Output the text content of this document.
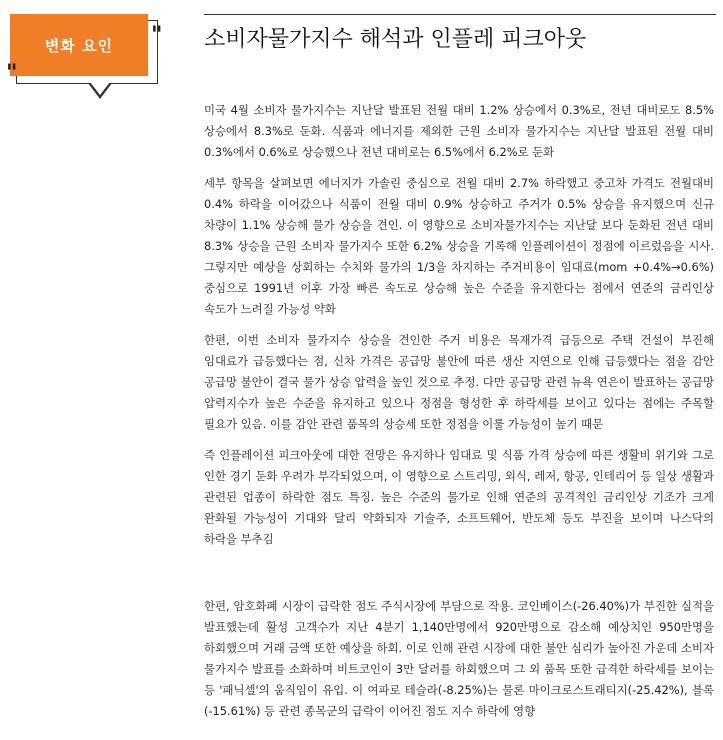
변화 요인	"
"
소비자물가지수 해석과 인플레 피크아웃

미국 4월 소비자 물가지수는 지난달 발표된 전월 대비 1.2% 상승에서 0.3%로, 전년 대비로도 8.5% 상승에서 8.3%로 둔화. 식품과 에너지를 제외한 근원 소비자 물가지수는 지난달 발표된 전월 대비 0.3%에서 0.6%로 상승했으나 전년 대비로는 6.5%에서 6.2%로 둔화

세부 항목을 살펴보면 에너지가 가솔린 중심으로 전월 대비 2.7% 하락했고 중고차 가격도 전월대비 0.4% 하락을 이어갔으나 식품이 전월 대비 0.9% 상승하고 주거가 0.5% 상승을 유지했으며 신규 차량이 1.1% 상승해 물가 상승을 견인. 이 영향으로 소비자물가지수는 지난달 보다 둔화된 전년 대비 8.3% 상승을 근원 소비자 물가지수 또한 6.2% 상승을 기록해 인플레이션이 정점에 이르렀음을 시사. 그렇지만 예상을 상회하는 수치와 물가의 1/3을 차지하는 주거비용이 임대료(mom +0.4%→0.6%) 중심으로 1991년 이후 가장 빠른 속도로 상승해 높은 수준을 유지한다는 점에서 연준의 금리인상 속도가 느려질 가능성 약화

한편, 이번 소비자 물가지수 상승을 견인한 주거 비용은 목재가격 급등으로 주택 건설이 부진해 임대료가 급등했다는 점, 신차 가격은 공급망 불안에 따른 생산 지연으로 인해 급등했다는 점을 감안 공급망 불안이 결국 물가 상승 압력을 높인 것으로 추정. 다만 공급망 관련 뉴욕 연은이 발표하는 공급망 압력지수가 높은 수준을 유지하고 있으나 정점을 형성한 후 하락세를 보이고 있다는 점에는 주목할 필요가 있음. 이를 감안 관련 품목의 상승세 또한 정점을 이룰 가능성이 높기 때문

즉 인플레이션 피크아웃에 대한 전망은 유지하나 임대료 및 식품 가격 상승에 따른 생활비 위기와 그로 인한 경기 둔화 우려가 부각되었으며, 이 영향으로 스트리밍, 외식, 레저, 항공, 인테리어 등 일상 생활과 관련된 업종이 하락한 점도 특징. 높은 수준의 물가로 인해 연준의 공격적인 금리인상 기조가 크게 완화될 가능성이 기대와 달리 약화되자 기술주, 소프트웨어, 반도체 등도 부진을 보이며 나스닥의 하락을 부추김

한편, 암호화폐 시장이 급락한 점도 주식시장에 부담으로 작용. 코인베이스(-26.40%)가 부진한 실적을 발표했는데 활성 고객수가 지난 4분기 1,140만명에서 920만명으로 감소해 예상치인 950만명을 하회했으며 거래 금액 또한 예상을 하회. 이로 인해 관련 시장에 대한 불안 심리가 높아진 가운데 소비자 물가지수 발표를 소화하며 비트코인이 3만 달러를 하회했으며 그 외 품목 또한 급격한 하락세를 보이는 등 '패닉셀'의 움직임이 유입. 이 여파로 테슬라(-8.25%)는 물론 마이크로스트래티지(-25.42%), 블록(-15.61%) 등 관련 종목군의 급락이 이어진 점도 지수 하락에 영향
